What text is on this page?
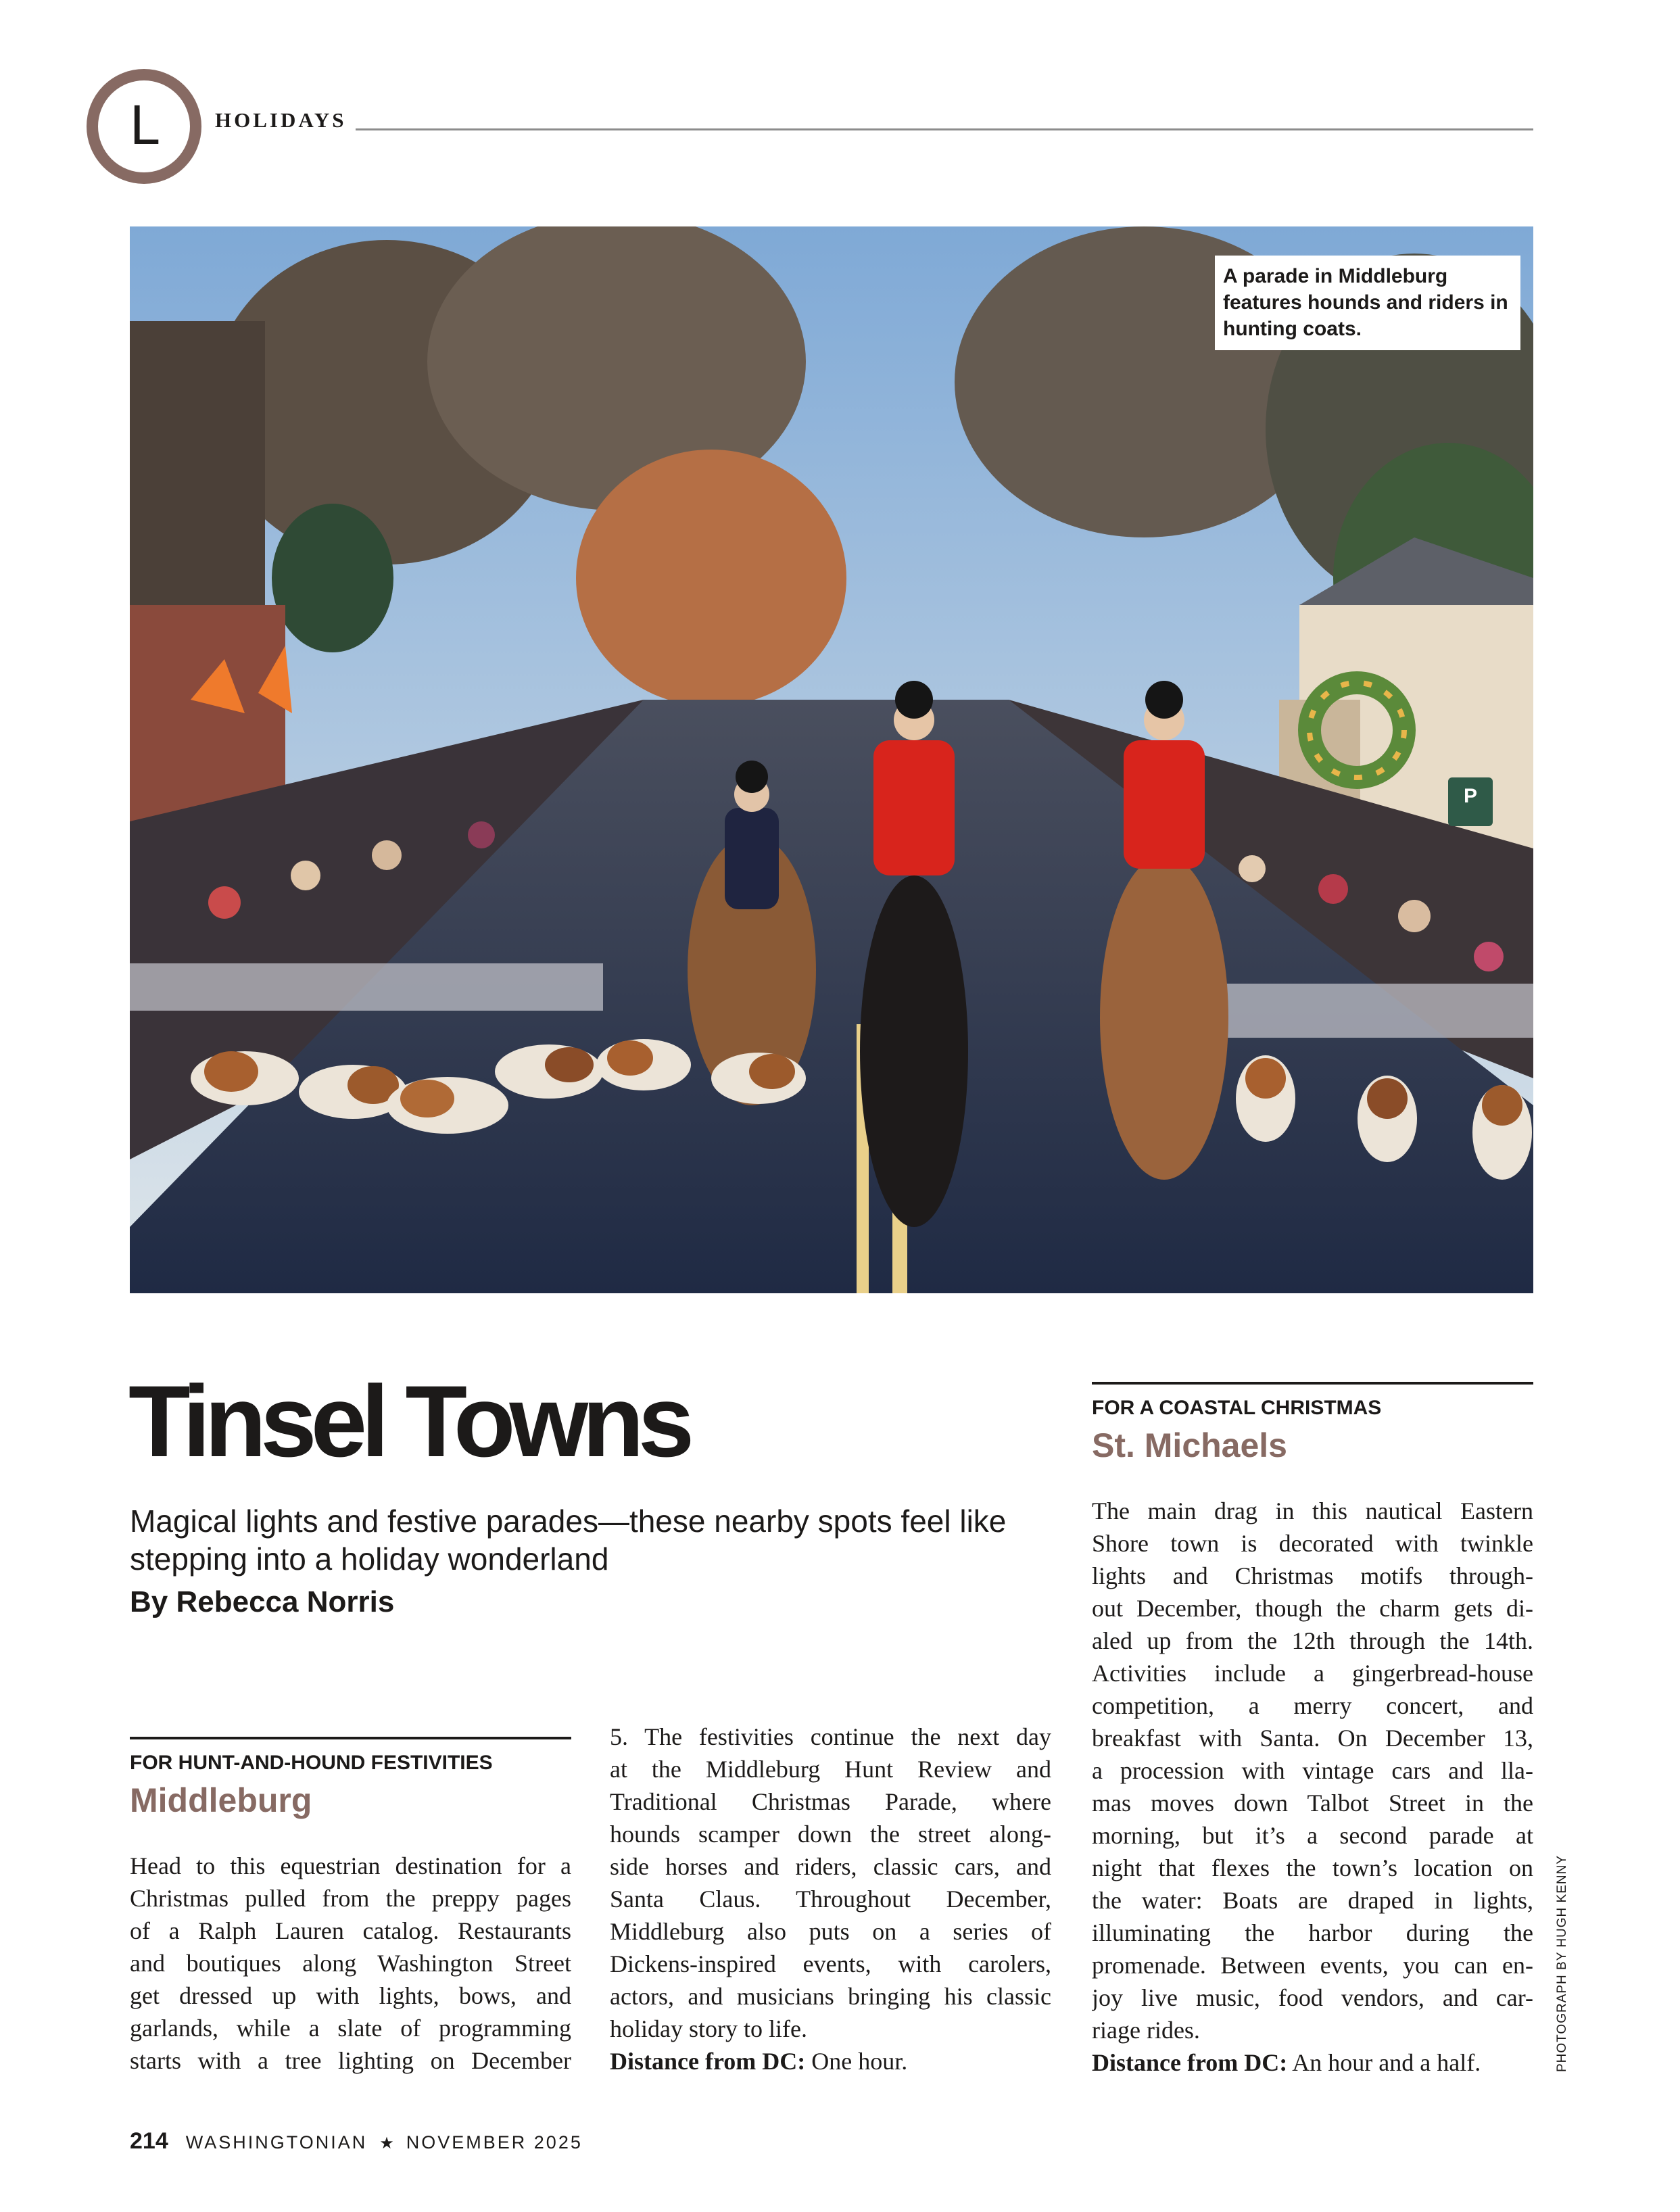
L	HOLIDAYS
P
A parade in Middleburg features hounds and riders in hunting coats.
Tinsel Towns
Magical lights and festive parades—these nearby spots feel like stepping into a holiday wonderland
By Rebecca Norris
FOR HUNT-AND-HOUND FESTIVITIES
Middleburg
Head to this equestrian destination for a
Christmas pulled from the preppy pages
of a Ralph Lauren catalog. Restaurants
and boutiques along Washington Street
get dressed up with lights, bows, and
garlands, while a slate of programming
starts with a tree lighting on December
5. The festivities continue the next day
at the Middleburg Hunt Review and
Traditional Christmas Parade, where
hounds scamper down the street along-
side horses and riders, classic cars, and
Santa Claus. Throughout December,
Middleburg also puts on a series of
Dickens-inspired events, with carolers,
actors, and musicians bringing his classic
holiday story to life.

Distance from DC: One hour.

FOR A COASTAL CHRISTMAS
St. Michaels
The main drag in this nautical Eastern
Shore town is decorated with twinkle
lights and Christmas motifs through-
out December, though the charm gets di-
aled up from the 12th through the 14th.
Activities include a gingerbread-house
competition, a merry concert, and
breakfast with Santa. On December 13,
a procession with vintage cars and lla-
mas moves down Talbot Street in the
morning, but it’s a second parade at
night that flexes the town’s location on
the water: Boats are draped in lights,
illuminating the harbor during the
promenade. Between events, you can en-
joy live music, food vendors, and car-
riage rides.

Distance from DC: An hour and a half.	PHOTOGRAPH BY HUGH KENNY
214 WASHINGTONIAN ★ NOVEMBER 2025
